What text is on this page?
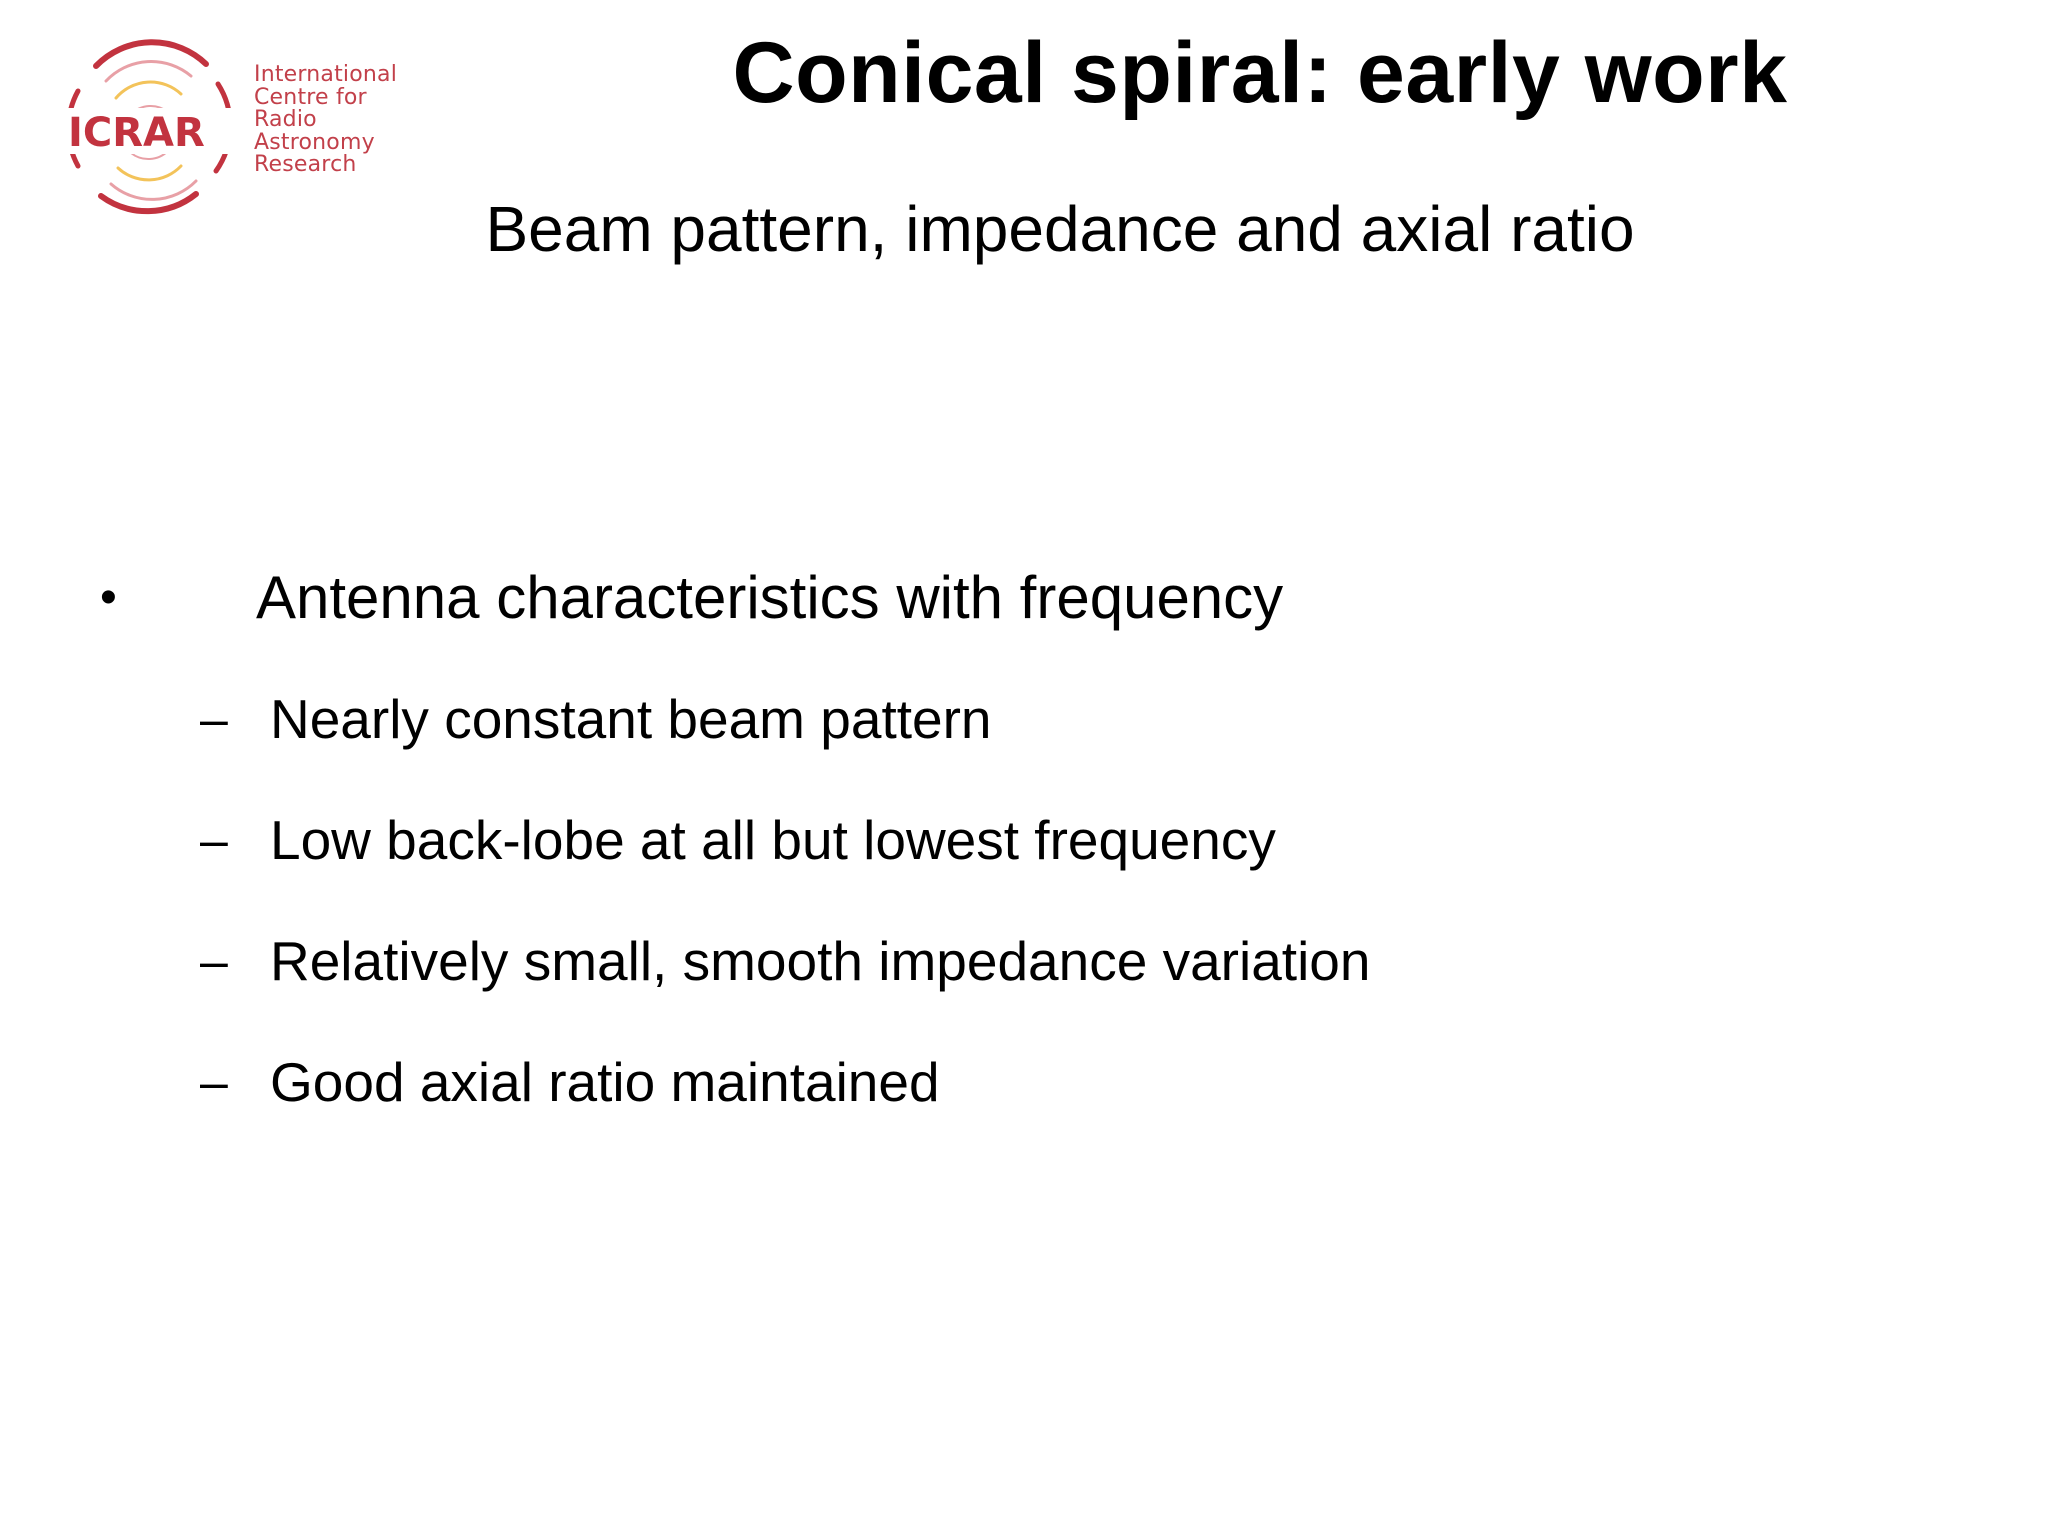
ICRAR
International
Centre for
Radio
Astronomy
Research
Conical spiral: early work
Beam pattern, impedance and axial ratio
• Antenna characteristics with frequency
– Nearly constant beam pattern
– Low back-lobe at all but lowest frequency
– Relatively small, smooth impedance variation
– Good axial ratio maintained
